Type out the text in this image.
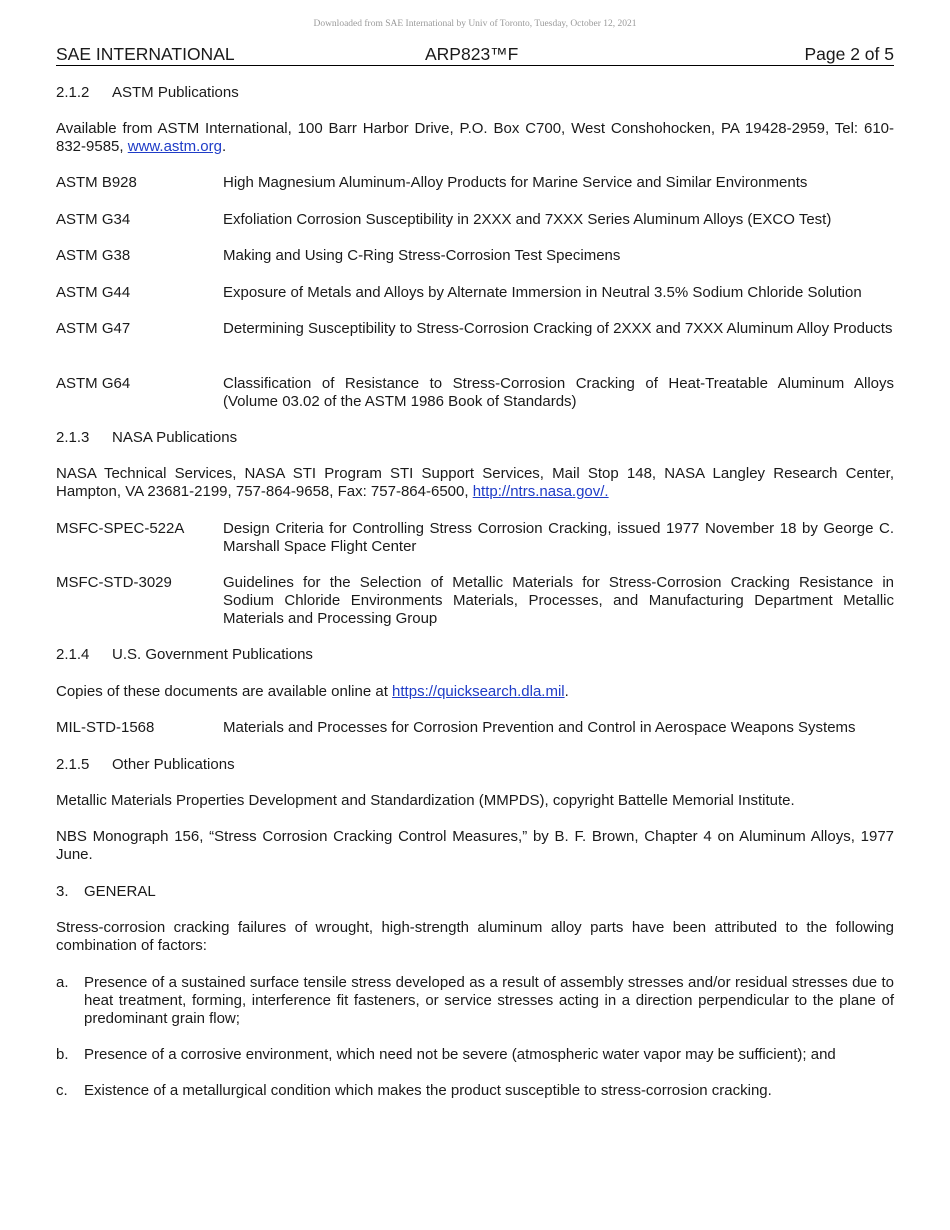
Downloaded from SAE International by Univ of Toronto, Tuesday, October 12, 2021
SAE INTERNATIONAL	ARP823™F	Page 2 of 5
2.1.2 ASTM Publications

Available from ASTM International, 100 Barr Harbor Drive, P.O. Box C700, West Conshohocken, PA 19428-2959, Tel: 610-832-9585, www.astm.org.

ASTM B928	High Magnesium Aluminum-Alloy Products for Marine Service and Similar Environments
ASTM G34	Exfoliation Corrosion Susceptibility in 2XXX and 7XXX Series Aluminum Alloys (EXCO Test)
ASTM G38	Making and Using C-Ring Stress-Corrosion Test Specimens
ASTM G44	Exposure of Metals and Alloys by Alternate Immersion in Neutral 3.5% Sodium Chloride Solution
ASTM G47	Determining Susceptibility to Stress-Corrosion Cracking of 2XXX and 7XXX Aluminum Alloy Products
ASTM G64	Classification of Resistance to Stress-Corrosion Cracking of Heat-Treatable Aluminum Alloys (Volume 03.02 of the ASTM 1986 Book of Standards)
2.1.3 NASA Publications

NASA Technical Services, NASA STI Program STI Support Services, Mail Stop 148, NASA Langley Research Center, Hampton, VA 23681-2199, 757-864-9658, Fax: 757-864-6500, http://ntrs.nasa.gov/.

MSFC-SPEC-522A	Design Criteria for Controlling Stress Corrosion Cracking, issued 1977 November 18 by George C. Marshall Space Flight Center
MSFC-STD-3029	Guidelines for the Selection of Metallic Materials for Stress-Corrosion Cracking Resistance in Sodium Chloride Environments Materials, Processes, and Manufacturing Department Metallic Materials and Processing Group
2.1.4 U.S. Government Publications

Copies of these documents are available online at https://quicksearch.dla.mil.

MIL-STD-1568	Materials and Processes for Corrosion Prevention and Control in Aerospace Weapons Systems
2.1.5 Other Publications

Metallic Materials Properties Development and Standardization (MMPDS), copyright Battelle Memorial Institute.

NBS Monograph 156, “Stress Corrosion Cracking Control Measures,” by B. F. Brown, Chapter 4 on Aluminum Alloys, 1977 June.

3. GENERAL

Stress-corrosion cracking failures of wrought, high-strength aluminum alloy parts have been attributed to the following combination of factors:

a. Presence of a sustained surface tensile stress developed as a result of assembly stresses and/or residual stresses due to heat treatment, forming, interference fit fasteners, or service stresses acting in a direction perpendicular to the plane of predominant grain flow;
b. Presence of a corrosive environment, which need not be severe (atmospheric water vapor may be sufficient); and
c. Existence of a metallurgical condition which makes the product susceptible to stress-corrosion cracking.
